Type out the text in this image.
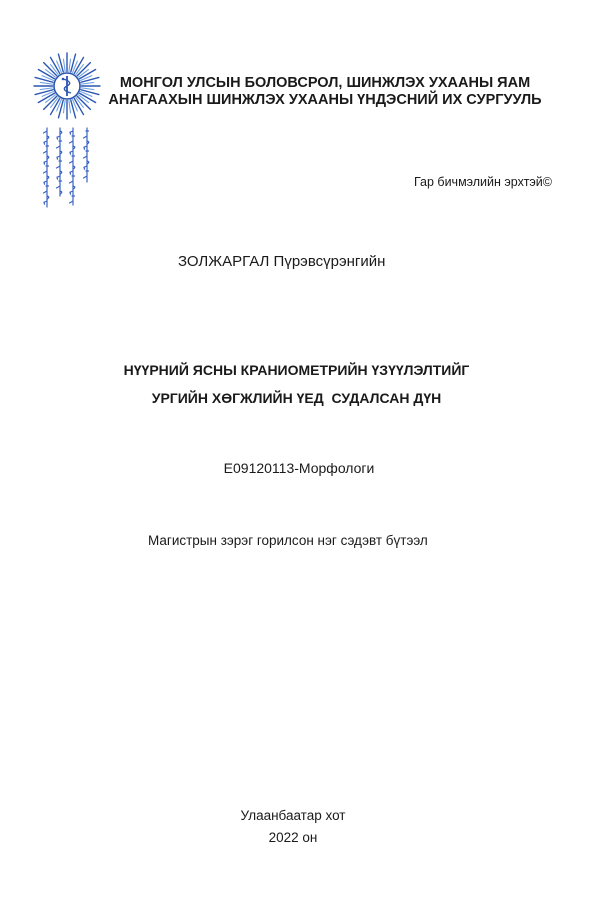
МОНГОЛ УЛСЫН БОЛОВСРОЛ, ШИНЖЛЭХ УХААНЫ ЯАМ
АНАГААХЫН ШИНЖЛЭХ УХААНЫ ҮНДЭСНИЙ ИХ СУРГУУЛЬ
Гар бичмэлийн эрхтэй©
ЗОЛЖАРГАЛ Пүрэвсүрэнгийн
НҮҮРНИЙ ЯСНЫ КРАНИОМЕТРИЙН ҮЗҮҮЛЭЛТИЙГ
УРГИЙН ХӨГЖЛИЙН ҮЕД  СУДАЛСАН ДҮН
E09120113-Морфологи
Магистрын зэрэг горилсон нэг сэдэвт бүтээл
Улаанбаатар хот
2022 он
